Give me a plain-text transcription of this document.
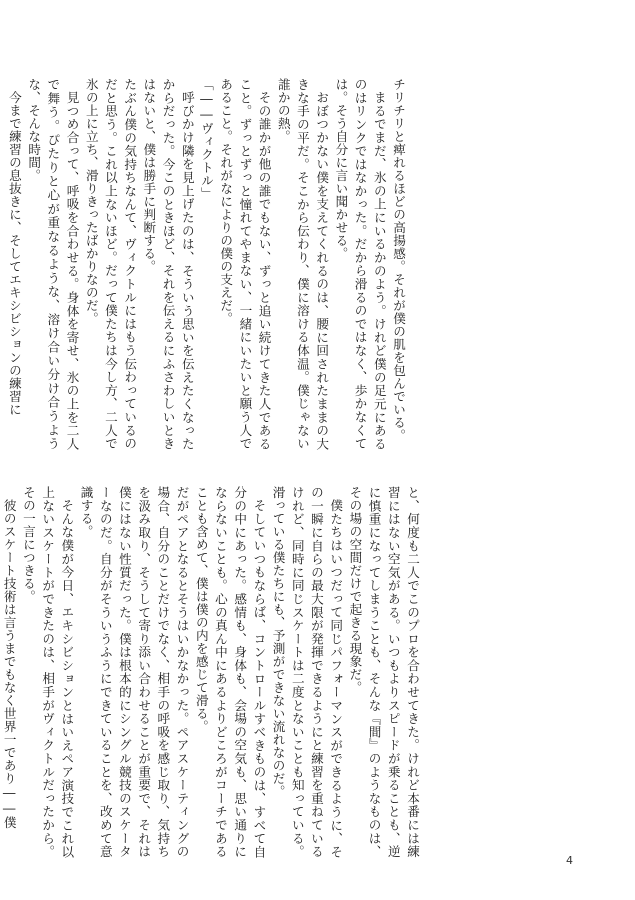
チリチリと痺れるほどの高揚感。それが僕の肌を包んでいる。

まるでまだ、氷の上にいるかのよう。けれど僕の足元にあるのはリンクではなかった。だから滑るのではなく、歩かなくては。そう自分に言い聞かせる。

おぼつかない僕を支えてくれるのは、腰に回されたままの大きな手の平だ。そこから伝わり、僕に溶ける体温。僕じゃない誰かの熱。

その誰かが他の誰でもない、ずっと追い続けてきた人であること。ずっとずっと憧れてやまない、一緒にいたいと願う人であること。それがなによりの僕の支えだ。

「――ヴィクトル」

呼びかけ隣を見上げたのは、そういう思いを伝えたくなったからだった。今このときほど、それを伝えるにふさわしいときはないと、僕は勝手に判断する。

たぶん僕の気持ちなんて、ヴィクトルにはもう伝わっているのだと思う。これ以上ないほど。だって僕たちは今し方、二人で氷の上に立ち、滑りきったばかりなのだ。

見つめ合って、呼吸を合わせる。身体を寄せ、氷の上を二人で舞う。ぴたりと心が重なるような、溶け合い分け合うような、そんな時間。

今まで練習の息抜きに、そしてエキシビションの練習に

と、何度も二人でこのプロを合わせてきた。けれど本番には練習にはない空気がある。いつもよりスピードが乗ることも、逆に慎重になってしまうことも、そんな『間』のようなものは、その場の空間だけで起きる現象だ。

僕たちはいつだって同じパフォーマンスができるように、その一瞬に自らの最大限が発揮できるようにと練習を重ねているけれど、同時に同じスケートは二度とないことも知っている。滑っている僕たちにも、予測ができない流れなのだ。

そしていつもならば、コントロールすべきものは、すべて自分の中にあった。感情も、身体も、会場の空気も、思い通りにならないことも。心の真ん中にあるよりどころがコーチであることも含めて、僕は僕の内を感じて滑る。

だがペアとなるとそうはいかなかった。ペアスケーティングの場合、自分のことだけでなく、相手の呼吸を感じ取り、気持ちを汲み取り、そうして寄り添い合わせることが重要で、それは僕にはない性質だった。僕は根本的にシングル競技のスケーターなのだ。自分がそういうふうにできていることを、改めて意識する。

そんな僕が今日、エキシビションとはいえペア演技でこれ以上ないスケートができたのは、相手がヴィクトルだったから。その一言につきる。

彼のスケート技術は言うまでもなく世界一であり――僕

4
